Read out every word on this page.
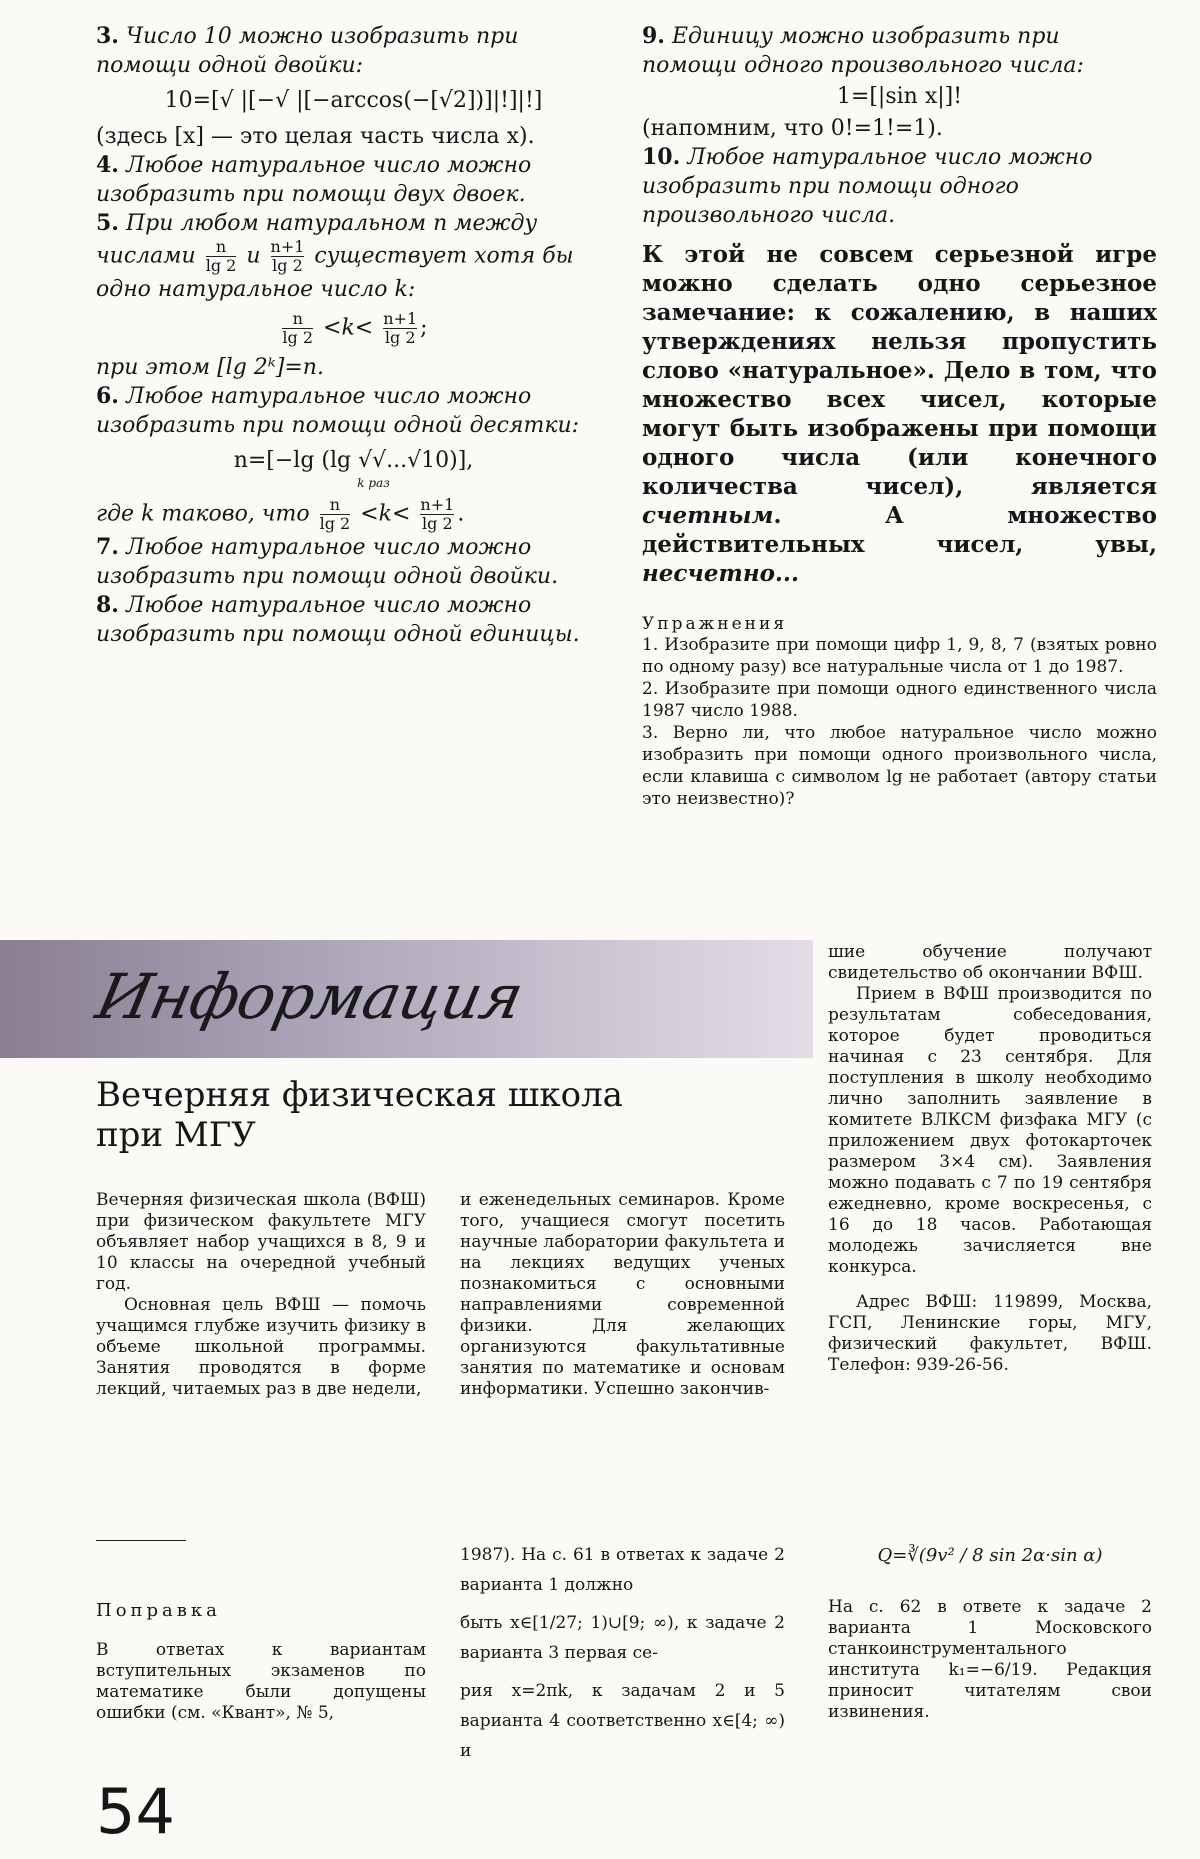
3. Число 10 можно изобразить при помощи одной двойки:

10=[√ |[−√ |[−arccos(−[√2])]|!]|!]

(здесь [x] — это целая часть числа x).

4. Любое натуральное число можно изобразить при помощи двух двоек.

5. При любом натуральном n между числами $\frac{n}{\lg 2}$ и $\frac{n+1}{\lg 2}$ существует хотя бы одно натуральное число k:

$\frac{n}{\lg 2} <k< \frac{n+1}{\lg 2}$ ;

при этом [lg 2ᵏ]=n.

6. Любое натуральное число можно изобразить при помощи одной десятки:

n=[−lg (lg √√...√10)],

k раз

где k таково, что $\frac{n}{\lg 2} <k< \frac{n+1}{\lg 2}$ .

7. Любое натуральное число можно изобразить при помощи одной двойки.

8. Любое натуральное число можно изобразить при помощи одной единицы.

9. Единицу можно изобразить при помощи одного произвольного числа:

1=[|sin x|]!

(напомним, что 0!=1!=1).

10. Любое натуральное число можно изобразить при помощи одного произвольного числа.

К этой не совсем серьезной игре можно сделать одно серьезное замечание: к сожалению, в наших утверждениях нельзя пропустить слово «натуральное». Дело в том, что множество всех чисел, которые могут быть изображены при помощи одного числа (или конечного количества чисел), является счетным. А множество действительных чисел, увы, несчетно...

Упражнения

1. Изобразите при помощи цифр 1, 9, 8, 7 (взятых ровно по одному разу) все натуральные числа от 1 до 1987.

2. Изобразите при помощи одного единственного числа 1987 число 1988.

3. Верно ли, что любое натуральное число можно изобразить при помощи одного произвольного числа, если клавиша с символом lg не работает (автору статьи это неизвестно)?

Информация
Вечерняя физическая школа при МГУ

Вечерняя физическая школа (ВФШ) при физическом факультете МГУ объявляет набор учащихся в 8, 9 и 10 классы на очередной учебный год.

Основная цель ВФШ — помочь учащимся глубже изучить физику в объеме школьной программы. Занятия проводятся в форме лекций, читаемых раз в две недели,

и еженедельных семинаров. Кроме того, учащиеся смогут посетить научные лаборатории факультета и на лекциях ведущих ученых познакомиться с основными направлениями современной физики. Для желающих организуются факультативные занятия по математике и основам информатики. Успешно закончив-

шие обучение получают свидетельство об окончании ВФШ.

Прием в ВФШ производится по результатам собеседования, которое будет проводиться начиная с 23 сентября. Для поступления в школу необходимо лично заполнить заявление в комитете ВЛКСМ физфака МГУ (с приложением двух фотокарточек размером 3×4 см). Заявления можно подавать с 7 по 19 сентября ежедневно, кроме воскресенья, с 16 до 18 часов. Работающая молодежь зачисляется вне конкурса.

Адрес ВФШ: 119899, Москва, ГСП, Ленинские горы, МГУ, физический факультет, ВФШ. Телефон: 939-26-56.

Поправка
В ответах к вариантам вступительных экзаменов по математике были допущены ошибки (см. «Квант», № 5,

1987). На с. 61 в ответах к задаче 2 варианта 1 должно

быть x∈[1/27; 1)∪[9; ∞), к задаче 2 варианта 3 первая се-

рия x=2πk, к задачам 2 и 5 варианта 4 соответственно x∈[4; ∞) и

Q=∛(9v² / 8 sin 2α·sin α)
На с. 62 в ответе к задаче 2 варианта 1 Московского станкоинструментального института k₁=−6/19. Редакция приносит читателям свои извинения.
54
